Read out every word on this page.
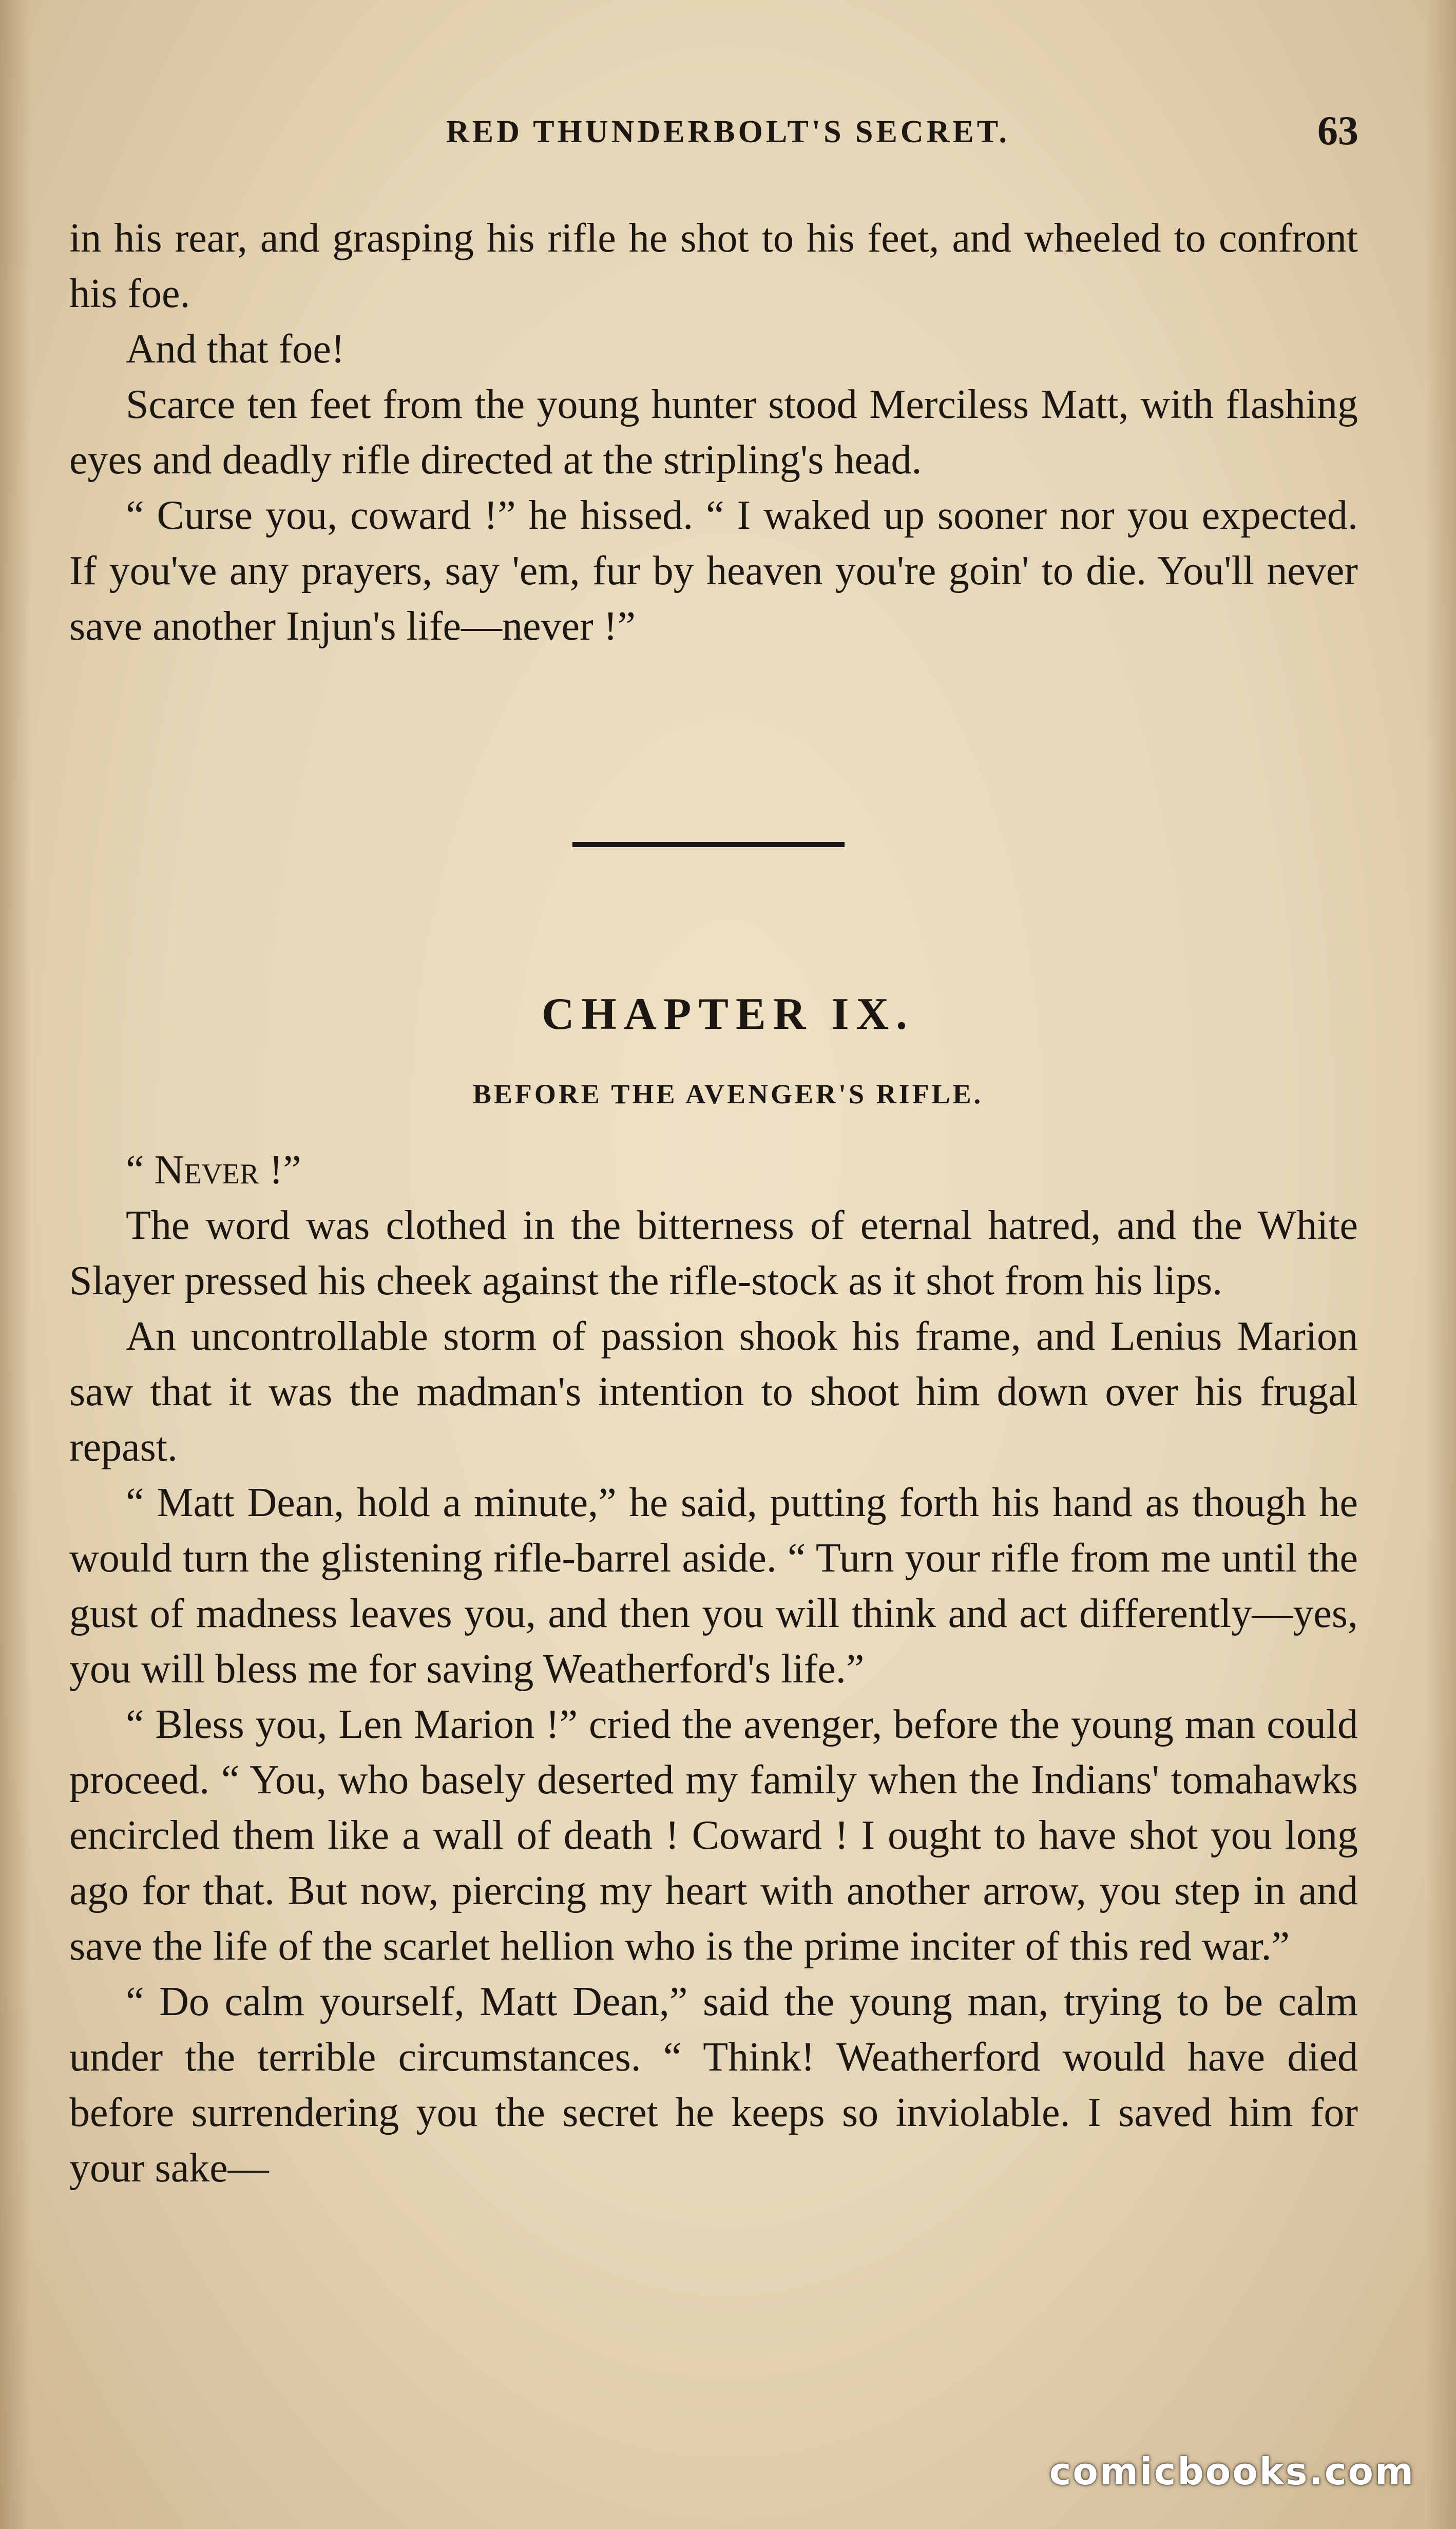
RED THUNDERBOLT'S SECRET.	63

in his rear, and grasping his rifle he shot to his feet, and wheeled to confront his foe.

And that foe!

Scarce ten feet from the young hunter stood Merciless Matt, with flashing eyes and deadly rifle directed at the stripling's head.

“ Curse you, coward !” he hissed. “ I waked up sooner nor you expected. If you've any prayers, say 'em, fur by heaven you're goin' to die. You'll never save another Injun's life—never !”

CHAPTER IX.
BEFORE THE AVENGER'S RIFLE.

“ Never !”

The word was clothed in the bitterness of eternal hatred, and the White Slayer pressed his cheek against the rifle-stock as it shot from his lips.

An uncontrollable storm of passion shook his frame, and Lenius Marion saw that it was the madman's intention to shoot him down over his frugal repast.

“ Matt Dean, hold a minute,” he said, putting forth his hand as though he would turn the glistening rifle-barrel aside. “ Turn your rifle from me until the gust of madness leaves you, and then you will think and act differently—yes, you will bless me for saving Weatherford's life.”

“ Bless you, Len Marion !” cried the avenger, before the young man could proceed. “ You, who basely deserted my family when the Indians' tomahawks encircled them like a wall of death ! Coward ! I ought to have shot you long ago for that. But now, piercing my heart with another arrow, you step in and save the life of the scarlet hellion who is the prime inciter of this red war.”

“ Do calm yourself, Matt Dean,” said the young man, trying to be calm under the terrible circumstances. “ Think! Weatherford would have died before surrendering you the secret he keeps so inviolable. I saved him for your sake—

comicbooks.com
